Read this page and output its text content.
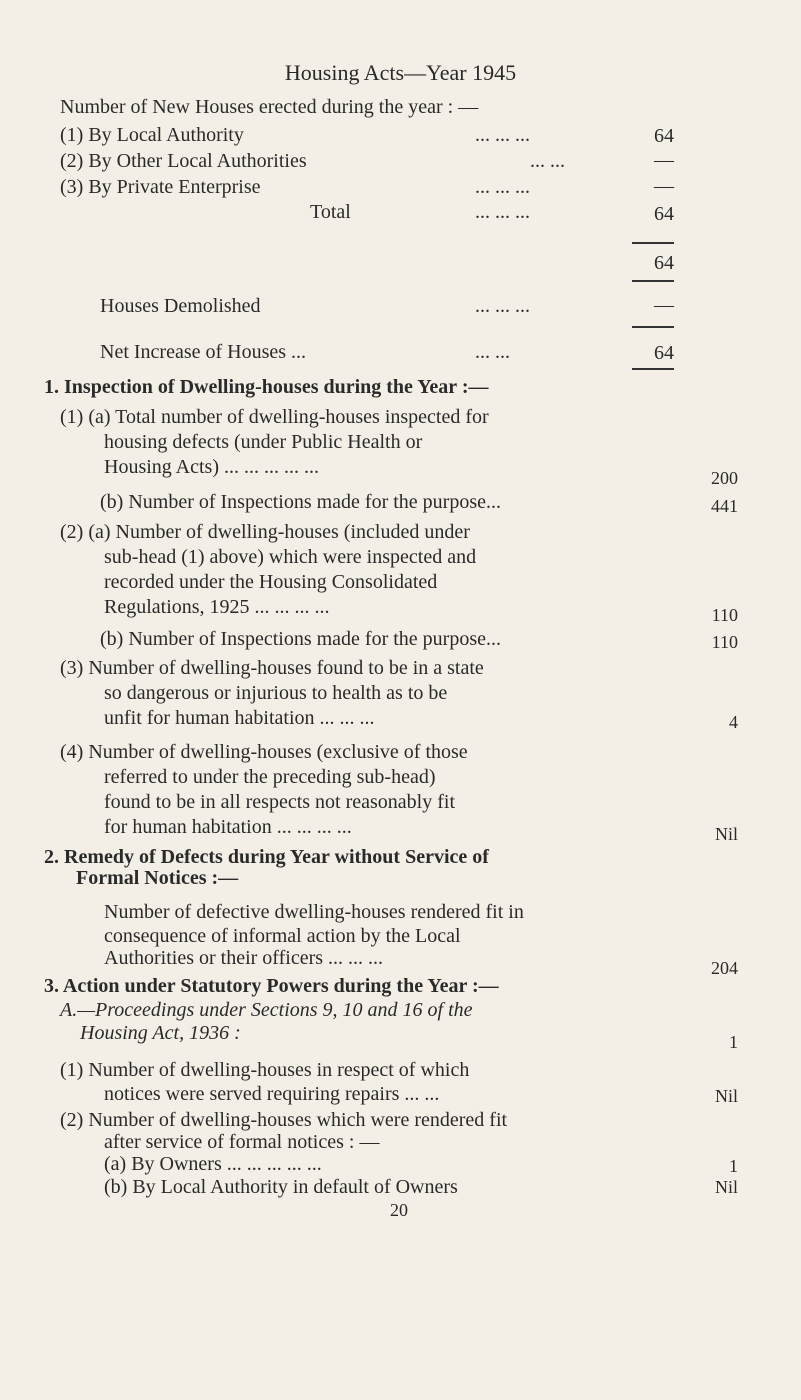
Housing Acts—Year 1945
Number of New Houses erected during the year : —
(1) By Local Authority	... ... ...	64
(2) By Other Local Authorities	... ...	—
(3) By Private Enterprise	... ... ...	—
Total	... ... ...	64
64
Houses Demolished	... ... ...	—
Net Increase of Houses ...	... ...	64
1. Inspection of Dwelling-houses during the Year :—
(1) (a) Total number of dwelling-houses inspected for
housing defects (under Public Health or
Housing Acts) ... ... ... ... ...	200
(b) Number of Inspections made for the purpose...	441
(2) (a) Number of dwelling-houses (included under
sub-head (1) above) which were inspected and
recorded under the Housing Consolidated
Regulations, 1925 ... ... ... ...	110
(b) Number of Inspections made for the purpose...	110
(3) Number of dwelling-houses found to be in a state
so dangerous or injurious to health as to be
unfit for human habitation ... ... ...	4
(4) Number of dwelling-houses (exclusive of those
referred to under the preceding sub-head)
found to be in all respects not reasonably fit
for human habitation ... ... ... ...	Nil
2. Remedy of Defects during Year without Service of
Formal Notices :—
Number of defective dwelling-houses rendered fit in
consequence of informal action by the Local
Authorities or their officers ... ... ...	204
3. Action under Statutory Powers during the Year :—
A.—Proceedings under Sections 9, 10 and 16 of the
Housing Act, 1936 :	1
(1) Number of dwelling-houses in respect of which
notices were served requiring repairs ... ...	Nil
(2) Number of dwelling-houses which were rendered fit
after service of formal notices : —
(a) By Owners ... ... ... ... ...	1
(b) By Local Authority in default of Owners	Nil
20
